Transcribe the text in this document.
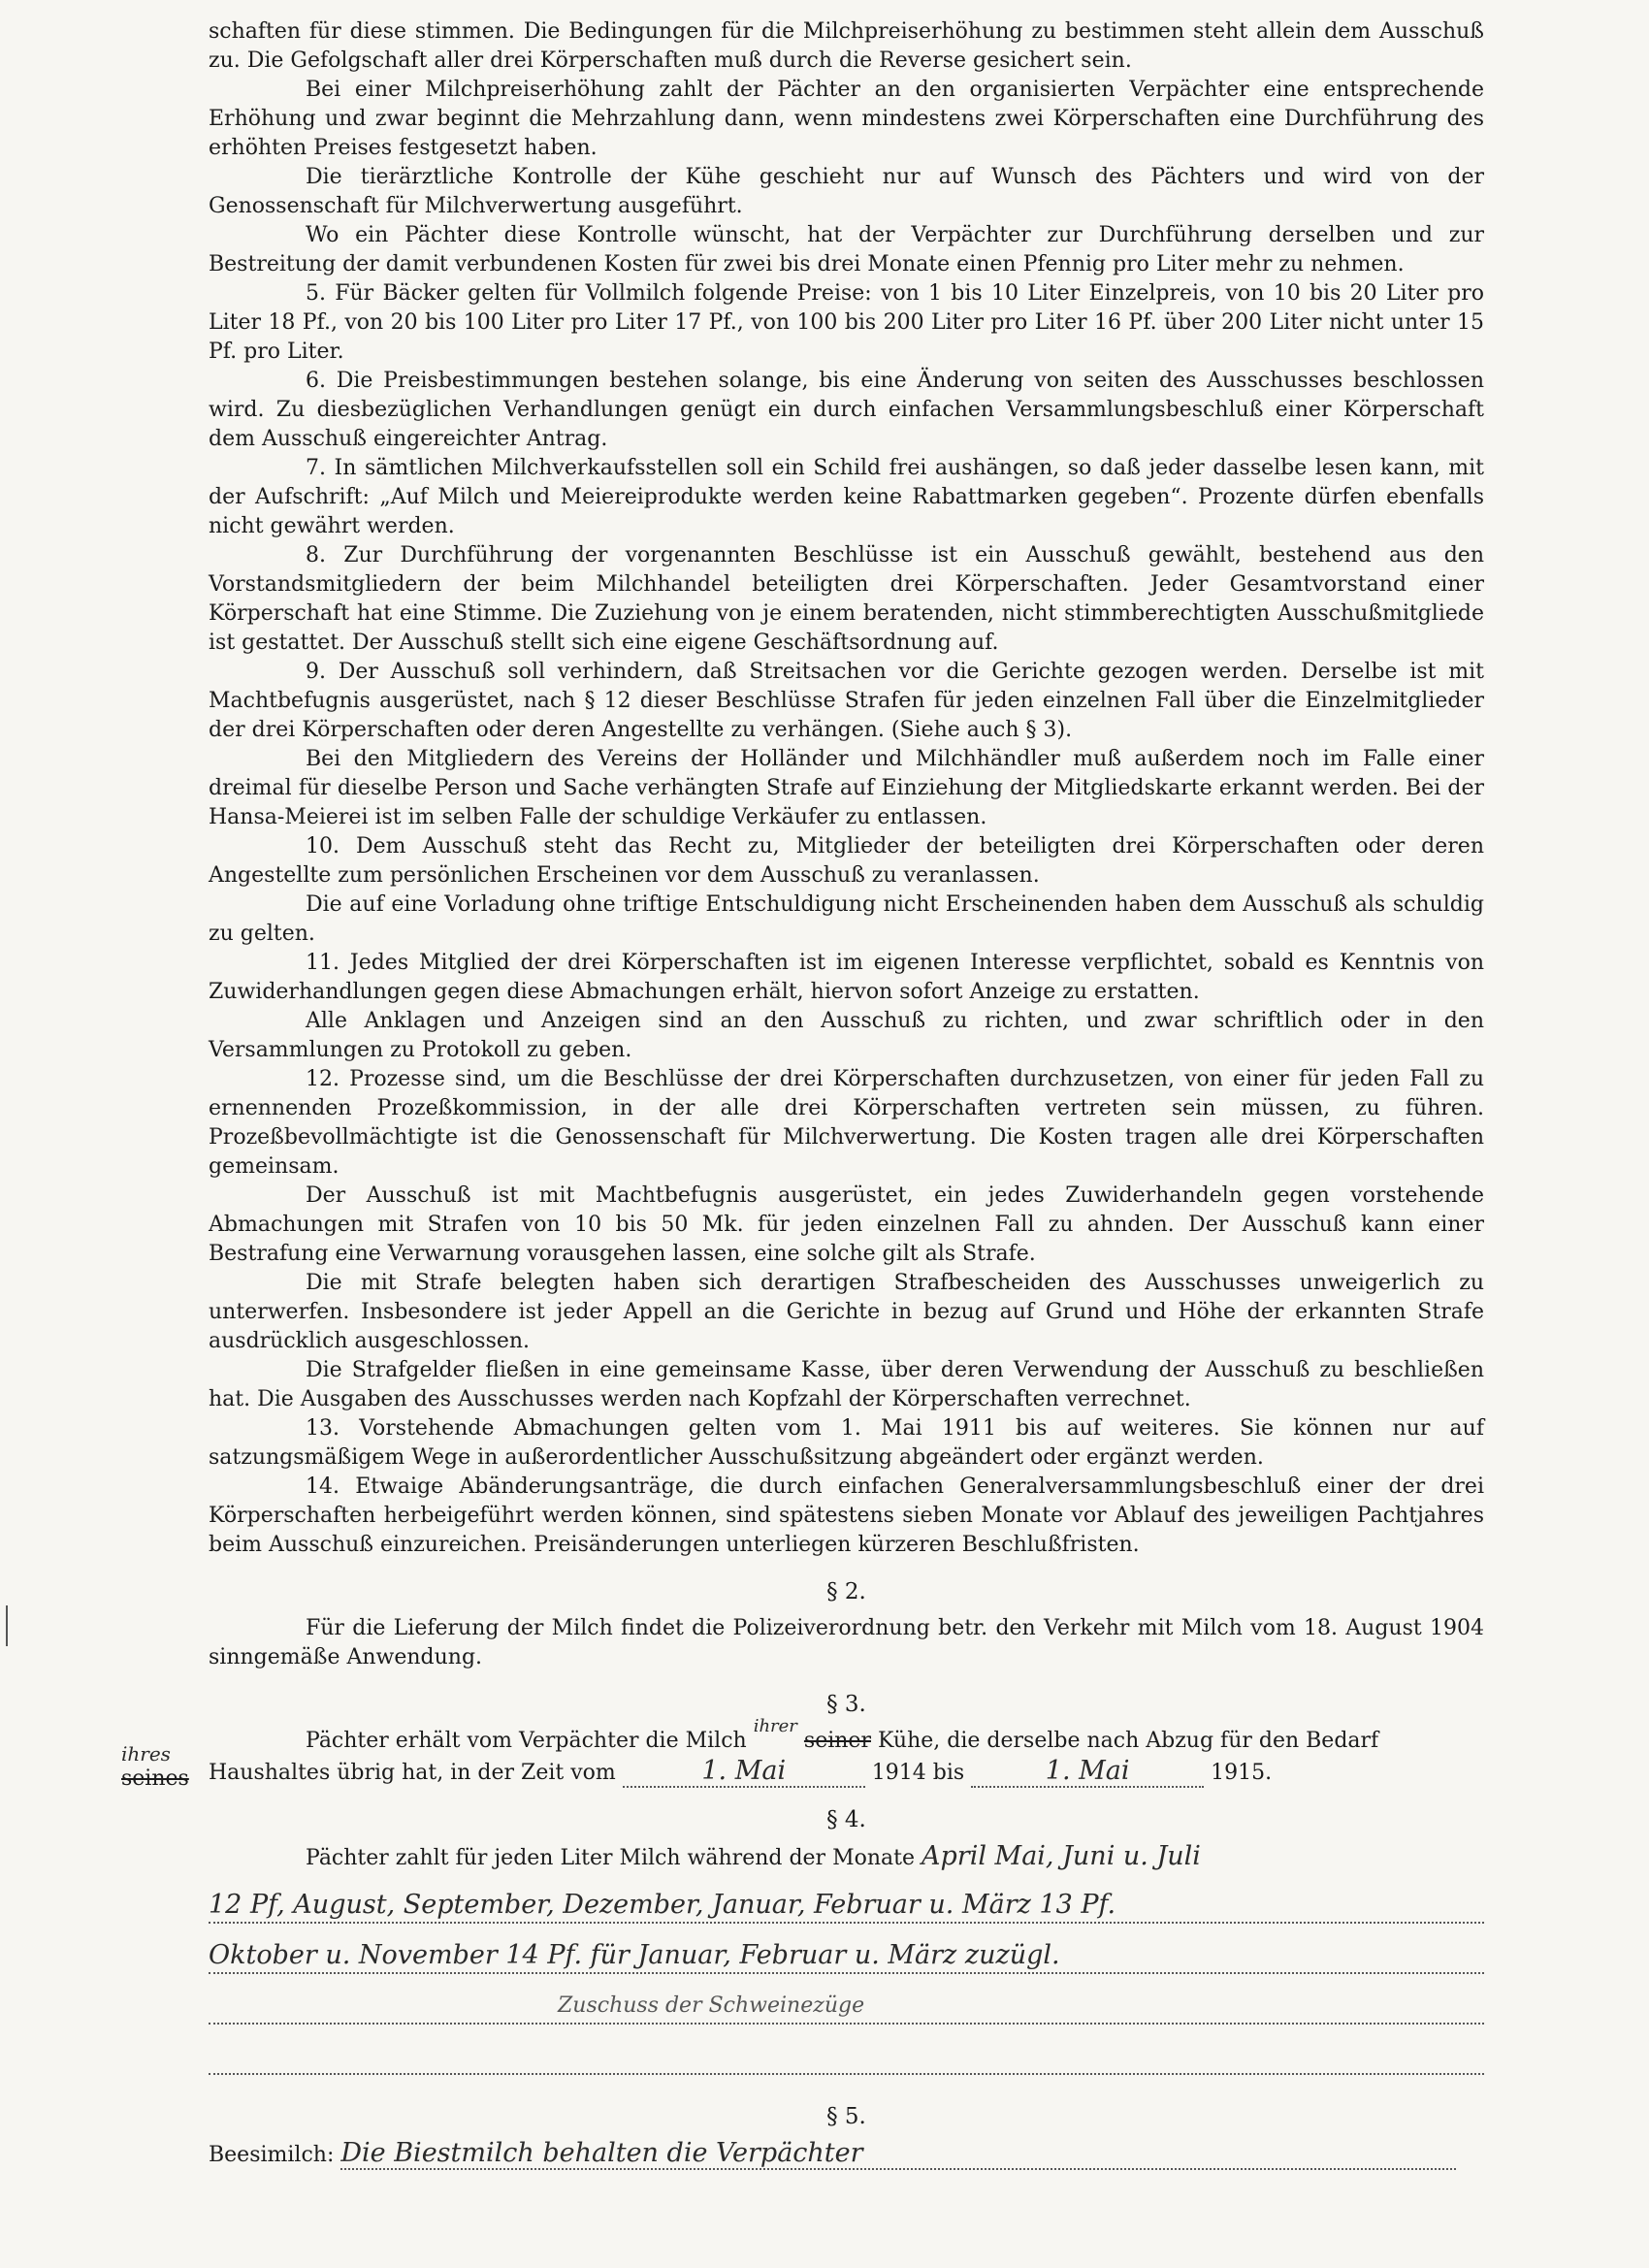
schaften für diese stimmen. Die Bedingungen für die Milchpreiserhöhung zu bestimmen steht allein dem Ausschuß zu. Die Gefolgschaft aller drei Körperschaften muß durch die Reverse gesichert sein.

Bei einer Milchpreiserhöhung zahlt der Pächter an den organisierten Verpächter eine entsprechende Erhöhung und zwar beginnt die Mehrzahlung dann, wenn mindestens zwei Körperschaften eine Durchführung des erhöhten Preises festgesetzt haben.

Die tierärztliche Kontrolle der Kühe geschieht nur auf Wunsch des Pächters und wird von der Genossenschaft für Milchverwertung ausgeführt.

Wo ein Pächter diese Kontrolle wünscht, hat der Verpächter zur Durchführung derselben und zur Bestreitung der damit verbundenen Kosten für zwei bis drei Monate einen Pfennig pro Liter mehr zu nehmen.

5. Für Bäcker gelten für Vollmilch folgende Preise: von 1 bis 10 Liter Einzelpreis, von 10 bis 20 Liter pro Liter 18 Pf., von 20 bis 100 Liter pro Liter 17 Pf., von 100 bis 200 Liter pro Liter 16 Pf. über 200 Liter nicht unter 15 Pf. pro Liter.

6. Die Preisbestimmungen bestehen solange, bis eine Änderung von seiten des Ausschusses beschlossen wird. Zu diesbezüglichen Verhandlungen genügt ein durch einfachen Versammlungsbeschluß einer Körperschaft dem Ausschuß eingereichter Antrag.

7. In sämtlichen Milchverkaufsstellen soll ein Schild frei aushängen, so daß jeder dasselbe lesen kann, mit der Aufschrift: „Auf Milch und Meiereiprodukte werden keine Rabattmarken gegeben“. Prozente dürfen ebenfalls nicht gewährt werden.

8. Zur Durchführung der vorgenannten Beschlüsse ist ein Ausschuß gewählt, bestehend aus den Vorstandsmitgliedern der beim Milchhandel beteiligten drei Körperschaften. Jeder Gesamtvorstand einer Körperschaft hat eine Stimme. Die Zuziehung von je einem beratenden, nicht stimmberechtigten Ausschußmitgliede ist gestattet. Der Ausschuß stellt sich eine eigene Geschäftsordnung auf.

9. Der Ausschuß soll verhindern, daß Streitsachen vor die Gerichte gezogen werden. Derselbe ist mit Machtbefugnis ausgerüstet, nach § 12 dieser Beschlüsse Strafen für jeden einzelnen Fall über die Einzelmitglieder der drei Körperschaften oder deren Angestellte zu verhängen. (Siehe auch § 3).

Bei den Mitgliedern des Vereins der Holländer und Milchhändler muß außerdem noch im Falle einer dreimal für dieselbe Person und Sache verhängten Strafe auf Einziehung der Mitgliedskarte erkannt werden. Bei der Hansa-Meierei ist im selben Falle der schuldige Verkäufer zu entlassen.

10. Dem Ausschuß steht das Recht zu, Mitglieder der beteiligten drei Körperschaften oder deren Angestellte zum persönlichen Erscheinen vor dem Ausschuß zu veranlassen.

Die auf eine Vorladung ohne triftige Entschuldigung nicht Erscheinenden haben dem Ausschuß als schuldig zu gelten.

11. Jedes Mitglied der drei Körperschaften ist im eigenen Interesse verpflichtet, sobald es Kenntnis von Zuwiderhandlungen gegen diese Abmachungen erhält, hiervon sofort Anzeige zu erstatten.

Alle Anklagen und Anzeigen sind an den Ausschuß zu richten, und zwar schriftlich oder in den Versammlungen zu Protokoll zu geben.

12. Prozesse sind, um die Beschlüsse der drei Körperschaften durchzusetzen, von einer für jeden Fall zu ernennenden Prozeßkommission, in der alle drei Körperschaften vertreten sein müssen, zu führen. Prozeßbevollmächtigte ist die Genossenschaft für Milchverwertung. Die Kosten tragen alle drei Körperschaften gemeinsam.

Der Ausschuß ist mit Machtbefugnis ausgerüstet, ein jedes Zuwiderhandeln gegen vorstehende Abmachungen mit Strafen von 10 bis 50 Mk. für jeden einzelnen Fall zu ahnden. Der Ausschuß kann einer Bestrafung eine Verwarnung vorausgehen lassen, eine solche gilt als Strafe.

Die mit Strafe belegten haben sich derartigen Strafbescheiden des Ausschusses unweigerlich zu unterwerfen. Insbesondere ist jeder Appell an die Gerichte in bezug auf Grund und Höhe der erkannten Strafe ausdrücklich ausgeschlossen.

Die Strafgelder fließen in eine gemeinsame Kasse, über deren Verwendung der Ausschuß zu beschließen hat. Die Ausgaben des Ausschusses werden nach Kopfzahl der Körperschaften verrechnet.

13. Vorstehende Abmachungen gelten vom 1. Mai 1911 bis auf weiteres. Sie können nur auf satzungsmäßigem Wege in außerordentlicher Ausschußsitzung abgeändert oder ergänzt werden.

14. Etwaige Abänderungsanträge, die durch einfachen Generalversammlungsbeschluß einer der drei Körperschaften herbeigeführt werden können, sind spätestens sieben Monate vor Ablauf des jeweiligen Pachtjahres beim Ausschuß einzureichen. Preisänderungen unterliegen kürzeren Beschlußfristen.

§ 2.

Für die Lieferung der Milch findet die Polizeiverordnung betr. den Verkehr mit Milch vom 18. August 1904 sinngemäße Anwendung.

§ 3.

Pächter erhält vom Verpächter die Milch $^{ihrer}$ seiner Kühe, die derselbe nach Abzug für den Bedarf

ihres
seines Haushaltes übrig hat, in der Zeit vom	1. Mai	1914 bis	1. Mai	1915.

§ 4.

Pächter zahlt für jeden Liter Milch während der Monate April Mai, Juni u. Juli

12 Pf, August, September, Dezember, Januar, Februar u. März 13 Pf.
Oktober u. November 14 Pf. für Januar, Februar u. März zuzügl.
Zuschuss der Schweinezüge
§ 5.

Beesimilch: Die Biestmilch behalten die Verpächter
